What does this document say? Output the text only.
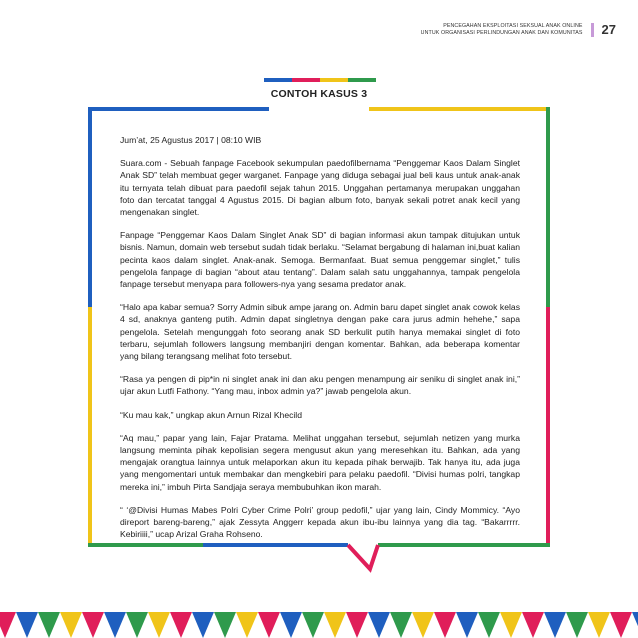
PENCEGAHAN EKSPLOITASI SEKSUAL ANAK ONLINE
UNTUK ORGANISASI PERLINDUNGAN ANAK DAN KOMUNITAS 27
CONTOH KASUS 3

Jum’at, 25 Agustus 2017 | 08:10 WIB

Suara.com - Sebuah fanpage Facebook sekumpulan paedofilbernama “Penggemar Kaos Dalam Singlet Anak SD” telah membuat geger warganet. Fanpage yang diduga sebagai jual beli kaus untuk anak-anak itu ternyata telah dibuat para paedofil sejak tahun 2015. Unggahan pertamanya merupakan unggahan foto dan tercatat tanggal 4 Agustus 2015. Di bagian album foto, banyak sekali potret anak kecil yang mengenakan singlet.

Fanpage “Penggemar Kaos Dalam Singlet Anak SD” di bagian informasi akun tampak ditujukan untuk bisnis. Namun, domain web tersebut sudah tidak berlaku. “Selamat bergabung di halaman ini,buat kalian pecinta kaos dalam singlet. Anak-anak. Semoga. Bermanfaat. Buat semua penggemar singlet,” tulis pengelola fanpage di bagian “about atau tentang”. Dalam salah satu unggahannya, tampak pengelola fanpage tersebut menyapa para followers-nya yang sesama predator anak.

“Halo apa kabar semua? Sorry Admin sibuk ampe jarang on. Admin baru dapet singlet anak cowok kelas 4 sd, anaknya ganteng putih. Admin dapat singletnya dengan pake cara jurus admin hehehe,” sapa pengelola. Setelah mengunggah foto seorang anak SD berkulit putih hanya memakai singlet di foto terbaru, sejumlah followers langsung membanjiri dengan komentar. Bahkan, ada beberapa komentar yang bilang terangsang melihat foto tersebut.

“Rasa ya pengen di pip*in ni singlet anak ini dan aku pengen menampung air seniku di singlet anak ini,” ujar akun Lutfi Fathony. “Yang mau, inbox admin ya?” jawab pengelola akun.

“Ku mau kak,” ungkap akun Arnun Rizal Khecild

“Aq mau,” papar yang lain, Fajar Pratama. Melihat unggahan tersebut, sejumlah netizen yang murka langsung meminta pihak kepolisian segera mengusut akun yang meresehkan itu. Bahkan, ada yang mengajak orangtua lainnya untuk melaporkan akun itu kepada pihak berwajib. Tak hanya itu, ada juga yang mengomentari untuk membakar dan mengkebiri para pelaku paedofil. “Divisi humas polri, tangkap mereka ini,” imbuh Pirta Sandjaja seraya membubuhkan ikon marah.

“ ‘@Divisi Humas Mabes Polri Cyber Crime Polri’ group pedofil,” ujar yang lain, Cindy Mommicy. “Ayo direport bareng-bareng,” ajak Zessyta Anggerr kepada akun ibu-ibu lainnya yang dia tag. “Bakarrrrr. Kebiriiii,” ucap Arizal Graha Rohseno.
